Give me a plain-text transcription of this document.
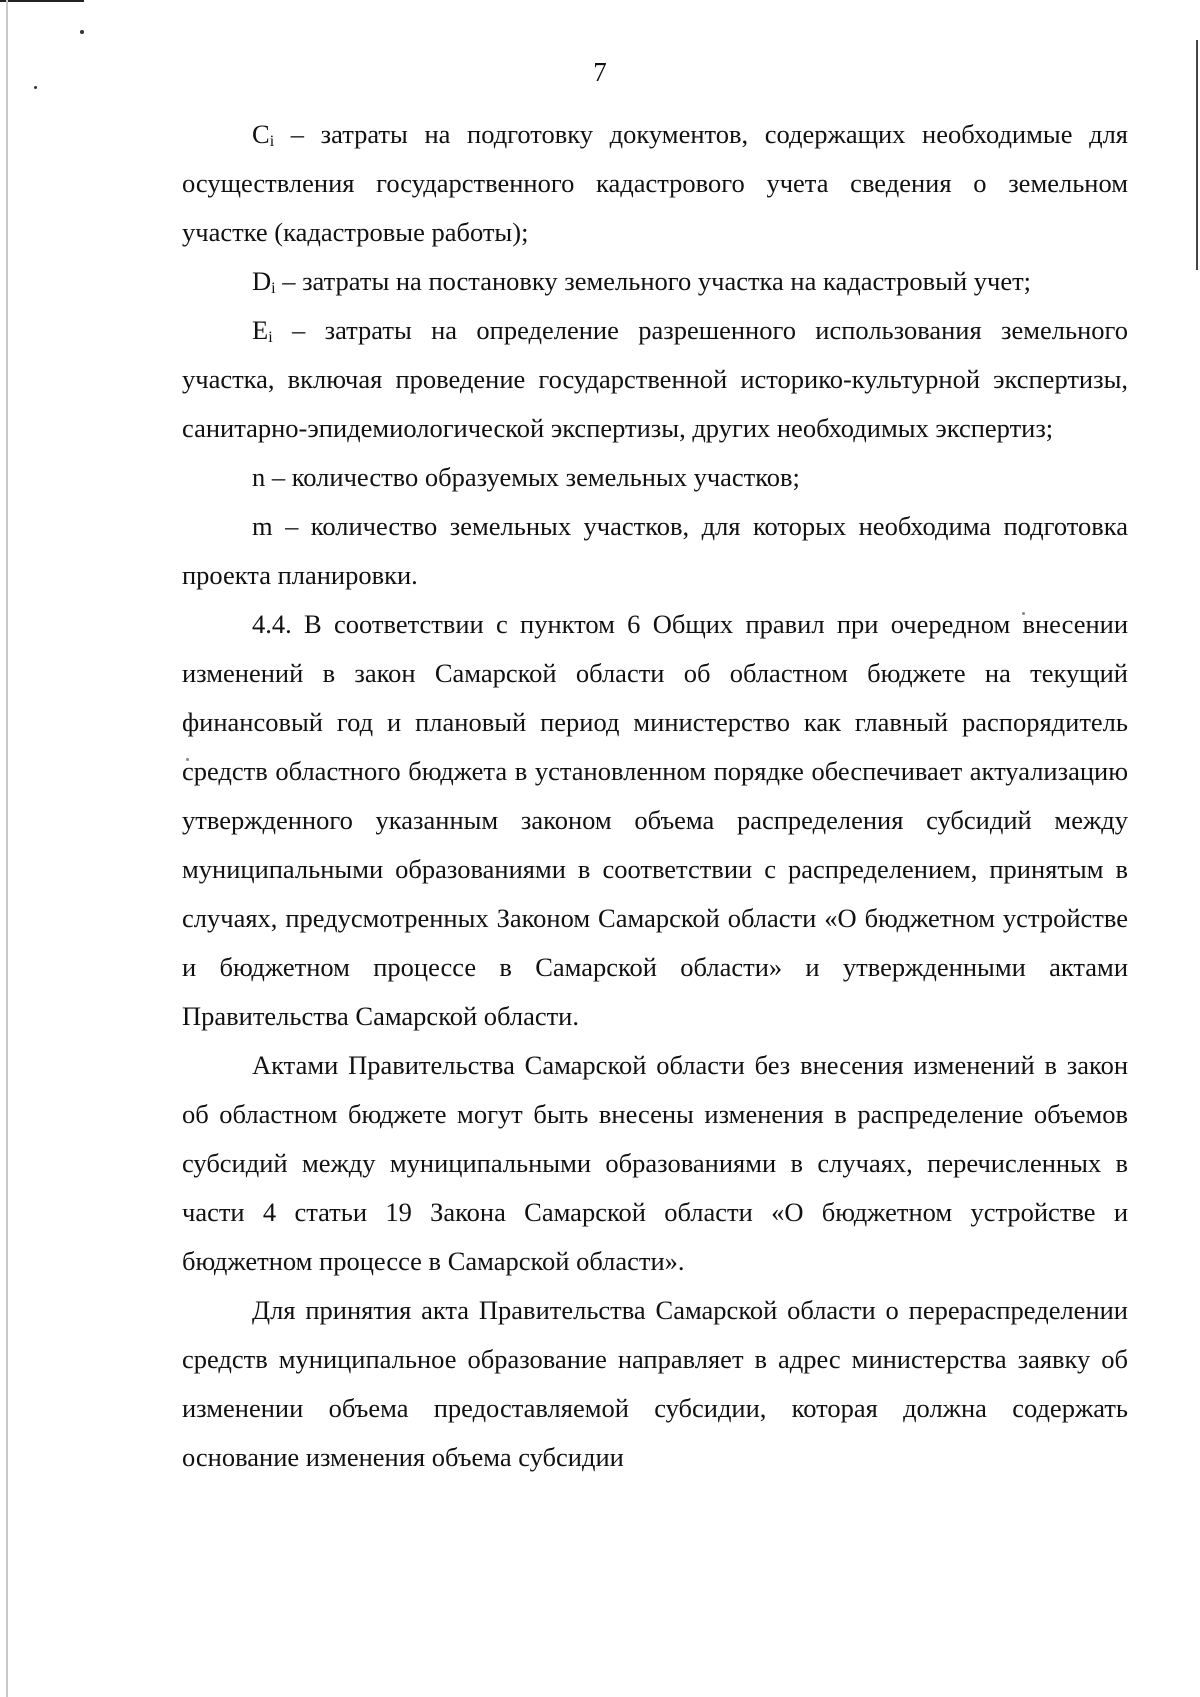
7

$C_i$ – затраты на подготовку документов, содержащих необходимые для осуществления государственного кадастрового учета сведения о земельном участке (кадастровые работы);

$D_i$ – затраты на постановку земельного участка на кадастровый учет;

$E_i$ – затраты на определение разрешенного использования земельного участка, включая проведение государственной историко-культурной экспертизы, санитарно-эпидемиологической экспертизы, других необходимых экспертиз;

n – количество образуемых земельных участков;

m – количество земельных участков, для которых необходима подготовка проекта планировки.

4.4. В соответствии с пунктом 6 Общих правил при очередном внесении изменений в закон Самарской области об областном бюджете на текущий финансовый год и плановый период министерство как главный распорядитель средств областного бюджета в установленном порядке обеспечивает актуализацию утвержденного указанным законом объема распределения субсидий между муниципальными образованиями в соответствии с распределением, принятым в случаях, предусмотренных Законом Самарской области «О бюджетном устройстве и бюджетном процессе в Самарской области» и утвержденными актами Правительства Самарской области.

Актами Правительства Самарской области без внесения изменений в закон об областном бюджете могут быть внесены изменения в распределение объемов субсидий между муниципальными образованиями в случаях, перечисленных в части 4 статьи 19 Закона Самарской области «О бюджетном устройстве и бюджетном процессе в Самарской области».

Для принятия акта Правительства Самарской области о перераспределении средств муниципальное образование направляет в адрес министерства заявку об изменении объема предоставляемой субсидии, которая должна содержать основание изменения объема субсидии
